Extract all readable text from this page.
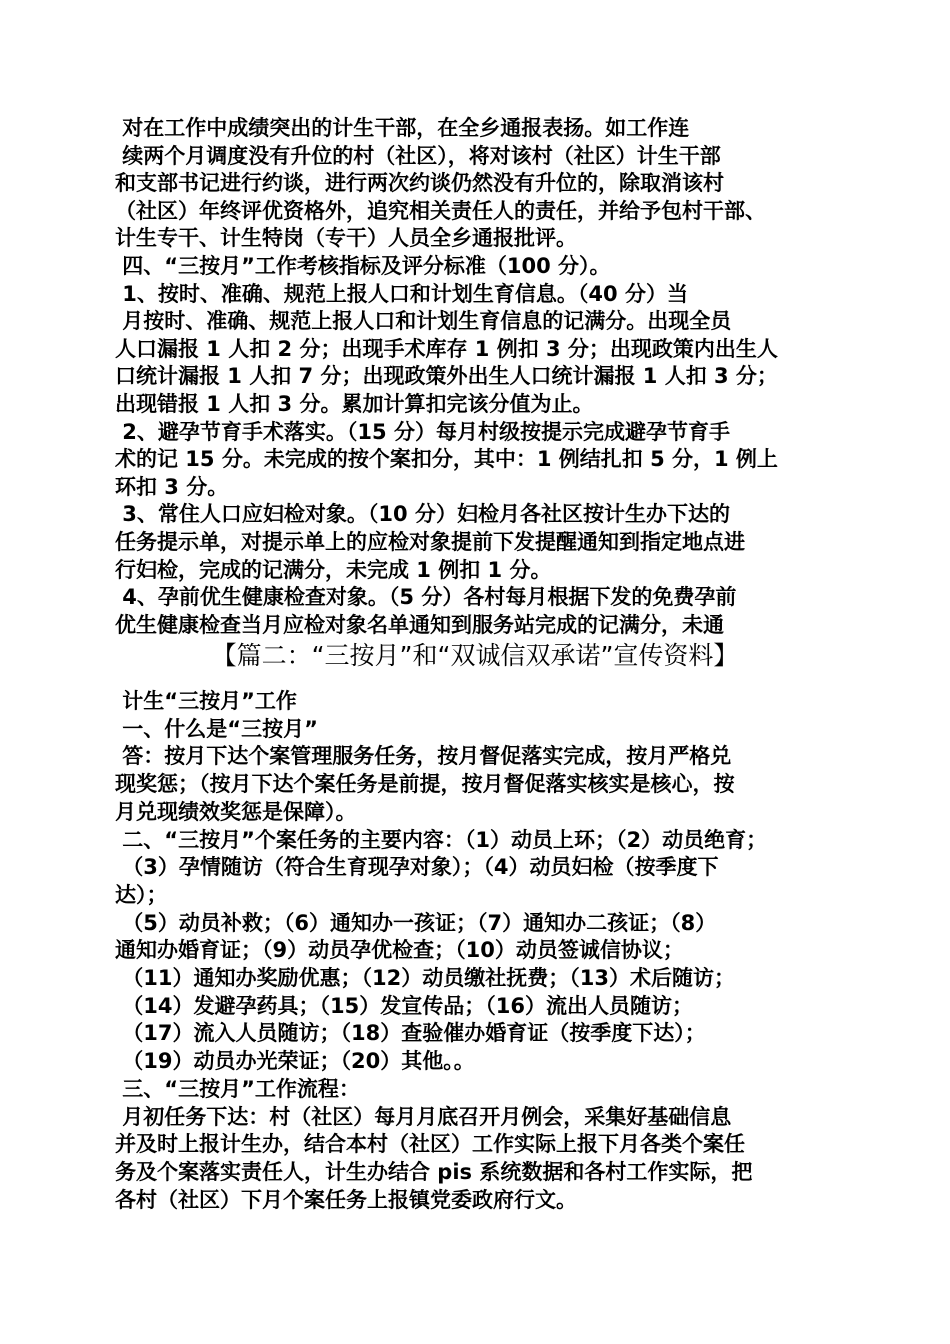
对在工作中成绩突出的计生干部，在全乡通报表扬。如工作连
续两个月调度没有升位的村（社区），将对该村（社区）计生干部
和支部书记进行约谈，进行两次约谈仍然没有升位的，除取消该村
（社区）年终评优资格外，追究相关责任人的责任，并给予包村干部、
计生专干、计生特岗（专干）人员全乡通报批评。
四、“三按月”工作考核指标及评分标准（100 分）。
1、按时、准确、规范上报人口和计划生育信息。（40 分）当
月按时、准确、规范上报人口和计划生育信息的记满分。出现全员
人口漏报 1 人扣 2 分；出现手术库存 1 例扣 3 分；出现政策内出生人
口统计漏报 1 人扣 7 分；出现政策外出生人口统计漏报 1 人扣 3 分；
出现错报 1 人扣 3 分。累加计算扣完该分值为止。
2、避孕节育手术落实。（15 分）每月村级按提示完成避孕节育手
术的记 15 分。未完成的按个案扣分，其中：1 例结扎扣 5 分，1 例上
环扣 3 分。
3、常住人口应妇检对象。（10 分）妇检月各社区按计生办下达的
任务提示单，对提示单上的应检对象提前下发提醒通知到指定地点进
行妇检，完成的记满分，未完成 1 例扣 1 分。
4、孕前优生健康检查对象。（5 分）各村每月根据下发的免费孕前
优生健康检查当月应检对象名单通知到服务站完成的记满分，未通
【篇二：“三按月”和“双诚信双承诺”宣传资料】
计生“三按月”工作
一、什么是“三按月”
答：按月下达个案管理服务任务，按月督促落实完成，按月严格兑
现奖惩；（按月下达个案任务是前提，按月督促落实核实是核心，按
月兑现绩效奖惩是保障）。
二、“三按月”个案任务的主要内容：（1）动员上环；（2）动员绝育；
（3）孕情随访（符合生育现孕对象）；（4）动员妇检（按季度下
达）；
（5）动员补救；（6）通知办一孩证；（7）通知办二孩证；（8）
通知办婚育证；（9）动员孕优检查；（10）动员签诚信协议；
（11）通知办奖励优惠；（12）动员缴社抚费；（13）术后随访；
（14）发避孕药具；（15）发宣传品；（16）流出人员随访；
（17）流入人员随访；（18）查验催办婚育证（按季度下达）；
（19）动员办光荣证；（20）其他。。
三、“三按月”工作流程：
月初任务下达：村（社区）每月月底召开月例会，采集好基础信息
并及时上报计生办，结合本村（社区）工作实际上报下月各类个案任
务及个案落实责任人，计生办结合 pis 系统数据和各村工作实际，把
各村（社区）下月个案任务上报镇党委政府行文。
